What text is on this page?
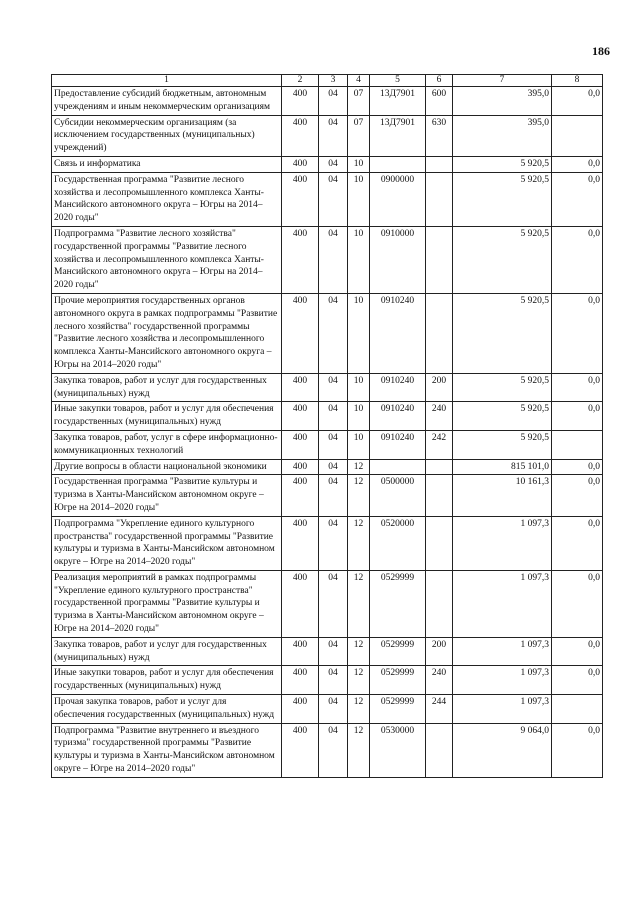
186
1	2	3	4	5	6	7	8
Предоставление субсидий бюджетным, автономным учреждениям и иным некоммерческим организациям	400	04	07	13Д7901	600	395,0	0,0
Субсидии некоммерческим организациям (за исключением государственных (муниципальных) учреждений)	400	04	07	13Д7901	630	395,0	
Связь и информатика	400	04	10			5 920,5	0,0
Государственная программа "Развитие лесного хозяйства и лесопромышленного комплекса Ханты-Мансийского автономного округа – Югры на 2014–2020 годы"	400	04	10	0900000		5 920,5	0,0
Подпрограмма "Развитие лесного хозяйства" государственной программы "Развитие лесного хозяйства и лесопромышленного комплекса Ханты-Мансийского автономного округа – Югры на 2014–2020 годы"	400	04	10	0910000		5 920,5	0,0
Прочие мероприятия государственных органов автономного округа в рамках подпрограммы "Развитие лесного хозяйства" государственной программы "Развитие лесного хозяйства и лесопромышленного комплекса Ханты-Мансийского автономного округа – Югры на 2014–2020 годы"	400	04	10	0910240		5 920,5	0,0
Закупка товаров, работ и услуг для государственных (муниципальных) нужд	400	04	10	0910240	200	5 920,5	0,0
Иные закупки товаров, работ и услуг для обеспечения государственных (муниципальных) нужд	400	04	10	0910240	240	5 920,5	0,0
Закупка товаров, работ, услуг в сфере информационно-коммуникационных технологий	400	04	10	0910240	242	5 920,5	
Другие вопросы в области национальной экономики	400	04	12			815 101,0	0,0
Государственная программа "Развитие культуры и туризма в Ханты-Мансийском автономном округе – Югре на 2014–2020 годы"	400	04	12	0500000		10 161,3	0,0
Подпрограмма "Укрепление единого культурного пространства" государственной программы "Развитие культуры и туризма в Ханты-Мансийском автономном округе – Югре на 2014–2020 годы"	400	04	12	0520000		1 097,3	0,0
Реализация мероприятий в рамках подпрограммы "Укрепление единого культурного пространства" государственной программы "Развитие культуры и туризма в Ханты-Мансийском автономном округе – Югре на 2014–2020 годы"	400	04	12	0529999		1 097,3	0,0
Закупка товаров, работ и услуг для государственных (муниципальных) нужд	400	04	12	0529999	200	1 097,3	0,0
Иные закупки товаров, работ и услуг для обеспечения государственных (муниципальных) нужд	400	04	12	0529999	240	1 097,3	0,0
Прочая закупка товаров, работ и услуг для обеспечения государственных (муниципальных) нужд	400	04	12	0529999	244	1 097,3	
Подпрограмма "Развитие внутреннего и въездного туризма" государственной программы "Развитие культуры и туризма в Ханты-Мансийском автономном округе – Югре на 2014–2020 годы"	400	04	12	0530000		9 064,0	0,0
